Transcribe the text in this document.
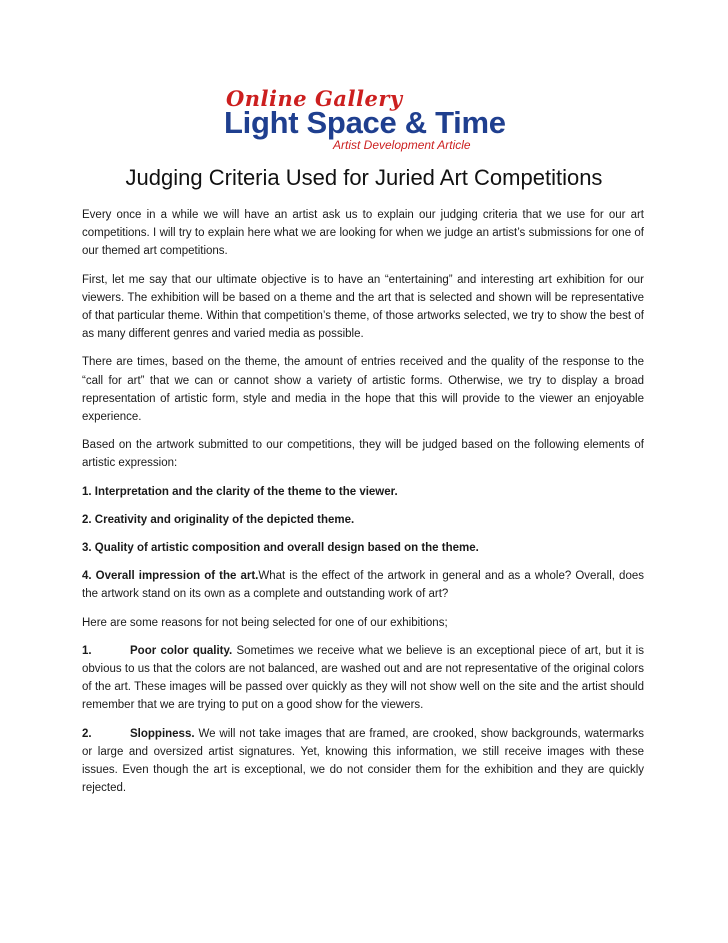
Online Gallery
Light Space & Time
Artist Development Article
Judging Criteria Used for Juried Art Competitions

Every once in a while we will have an artist ask us to explain our judging criteria that we use for our art competitions. I will try to explain here what we are looking for when we judge an artist’s submissions for one of our themed art competitions.

First, let me say that our ultimate objective is to have an “entertaining” and interesting art exhibition for our viewers. The exhibition will be based on a theme and the art that is selected and shown will be representative of that particular theme. Within that competition’s theme, of those artworks selected, we try to show the best of as many different genres and varied media as possible.

There are times, based on the theme, the amount of entries received and the quality of the response to the “call for art” that we can or cannot show a variety of artistic forms. Otherwise, we try to display a broad representation of artistic form, style and media in the hope that this will provide to the viewer an enjoyable experience.

Based on the artwork submitted to our competitions, they will be judged based on the following elements of artistic expression:

1. Interpretation and the clarity of the theme to the viewer.

2. Creativity and originality of the depicted theme.

3. Quality of artistic composition and overall design based on the theme.

4. Overall impression of the art.What is the effect of the artwork in general and as a whole? Overall, does the artwork stand on its own as a complete and outstanding work of art?

Here are some reasons for not being selected for one of our exhibitions;

1.	Poor color quality. Sometimes we receive what we believe is an exceptional piece of art, but it is obvious to us that the colors are not balanced, are washed out and are not representative of the original colors of the art. These images will be passed over quickly as they will not show well on the site and the artist should remember that we are trying to put on a good show for the viewers.

2.	Sloppiness. We will not take images that are framed, are crooked, show backgrounds, watermarks or large and oversized artist signatures. Yet, knowing this information, we still receive images with these issues. Even though the art is exceptional, we do not consider them for the exhibition and they are quickly rejected.
